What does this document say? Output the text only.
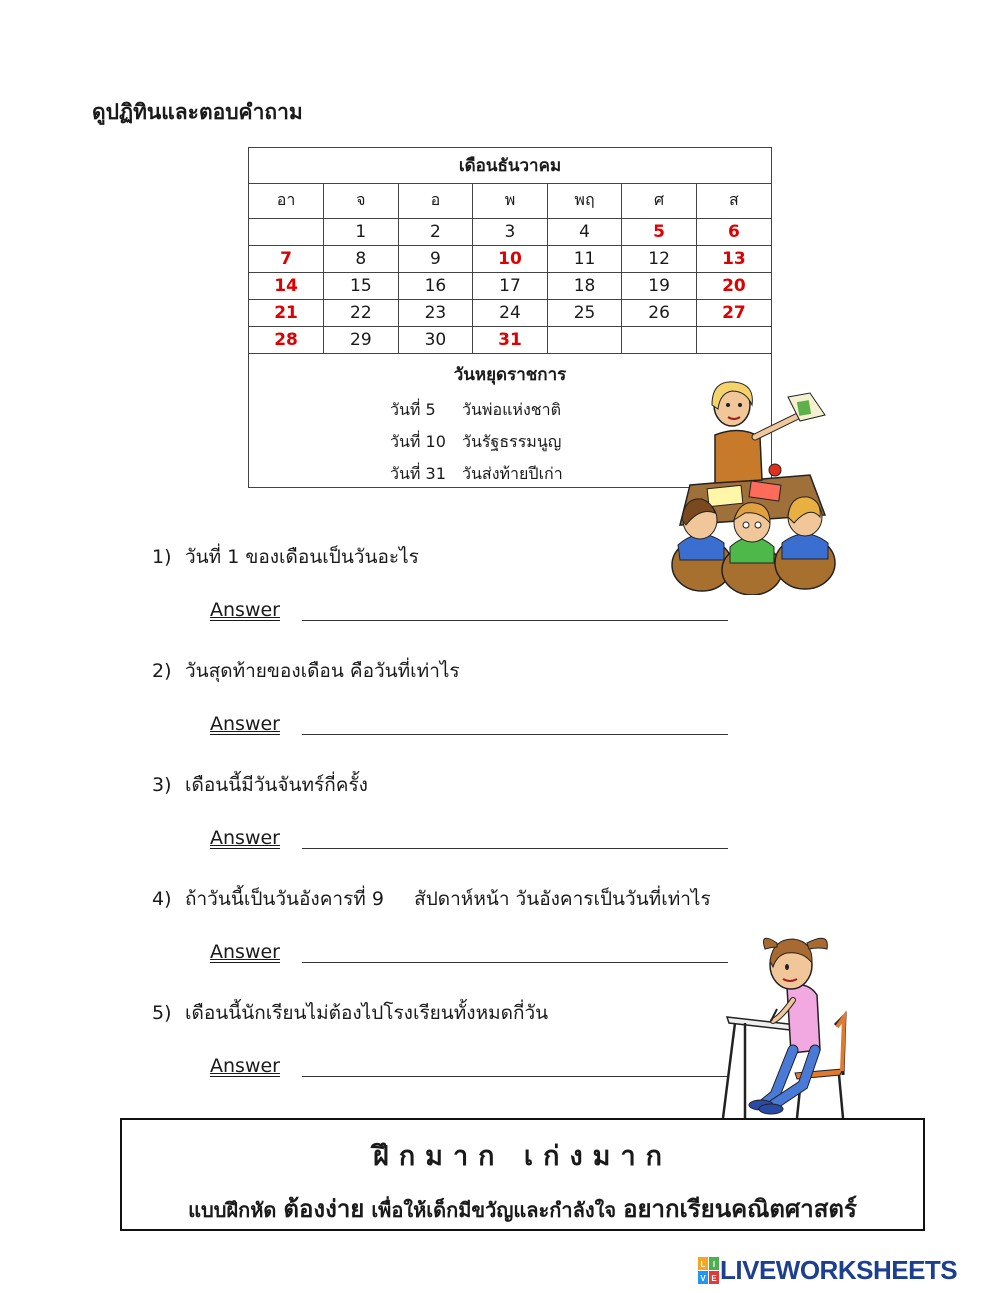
ดูปฏิทินและตอบคำถาม
เดือนธันวาคม						
อา	จ	อ	พ	พฤ	ศ	ส
	1	2	3	4	5	6
7	8	9	10	11	12	13
14	15	16	17	18	19	20
21	22	23	24	25	26	27
28	29	30	31			
วันหยุดราชการ
วันที่ 5 วันพ่อแห่งชาติ
วันที่ 10 วันรัฐธรรมนูญ
วันที่ 31 วันส่งท้ายปีเก่า
1) วันที่ 1 ของเดือนเป็นวันอะไร
Answer
2) วันสุดท้ายของเดือน คือวันที่เท่าไร
Answer
3) เดือนนี้มีวันจันทร์กี่ครั้ง
Answer
4) ถ้าวันนี้เป็นวันอังคารที่ 9     สัปดาห์หน้า วันอังคารเป็นวันที่เท่าไร
Answer
5) เดือนนี้นักเรียนไม่ต้องไปโรงเรียนทั้งหมดกี่วัน
Answer
ฝึกมาก เก่งมาก
แบบฝึกหัด ต้องง่าย เพื่อให้เด็กมีขวัญและกำลังใจ อยากเรียนคณิตศาสตร์
L I
V E LIVEWORKSHEETS
